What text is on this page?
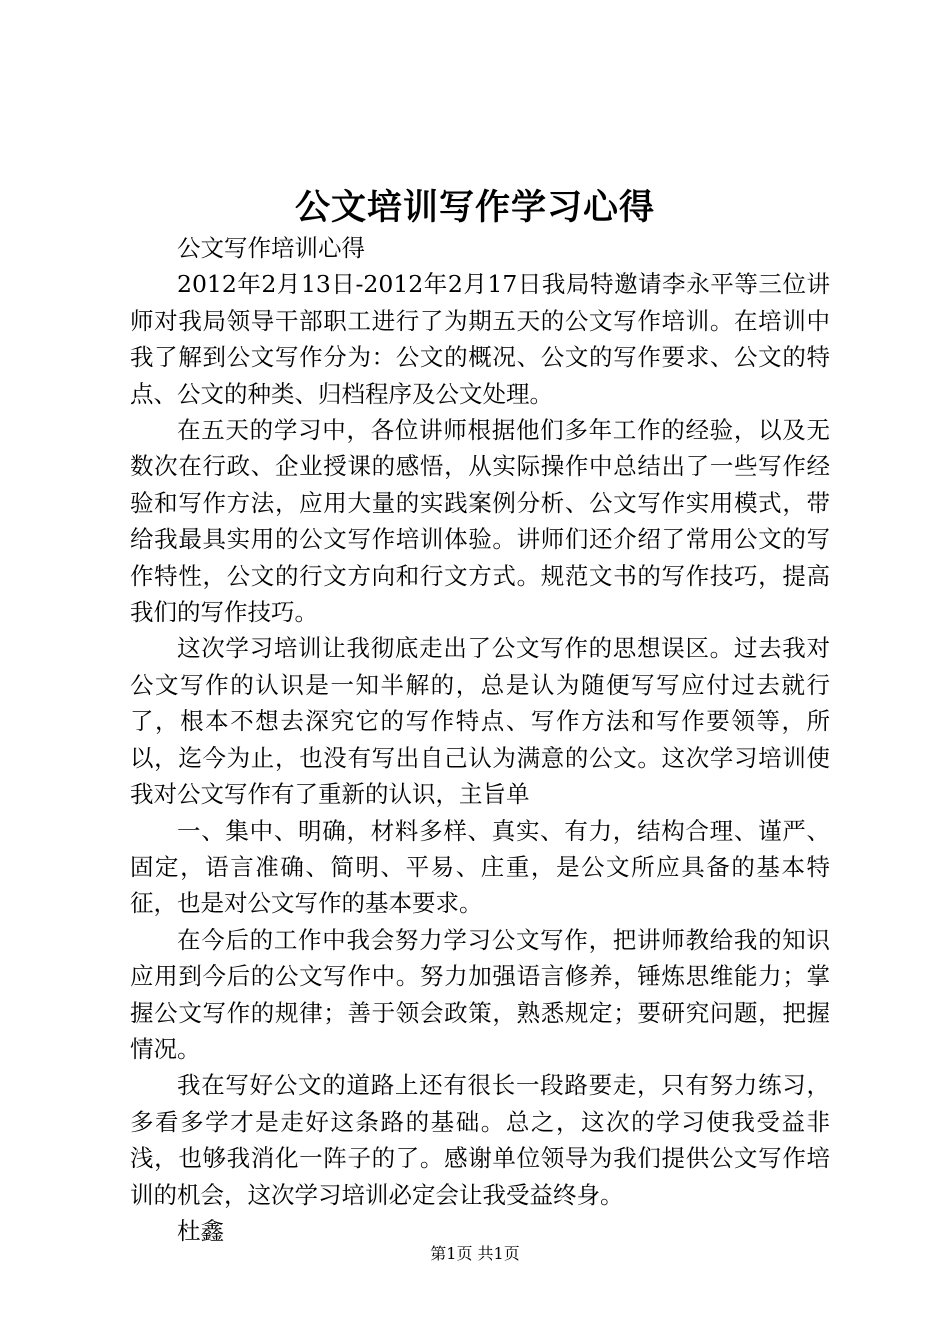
公文培训写作学习心得

公文写作培训心得

2012年2月13日-2012年2月17日我局特邀请李永平等三位讲师对我局领导干部职工进行了为期五天的公文写作培训。在培训中我了解到公文写作分为：公文的概况、公文的写作要求、公文的特点、公文的种类、归档程序及公文处理。

在五天的学习中，各位讲师根据他们多年工作的经验，以及无数次在行政、企业授课的感悟，从实际操作中总结出了一些写作经验和写作方法，应用大量的实践案例分析、公文写作实用模式，带给我最具实用的公文写作培训体验。讲师们还介绍了常用公文的写作特性，公文的行文方向和行文方式。规范文书的写作技巧，提高我们的写作技巧。

这次学习培训让我彻底走出了公文写作的思想误区。过去我对公文写作的认识是一知半解的，总是认为随便写写应付过去就行了，根本不想去深究它的写作特点、写作方法和写作要领等，所以，迄今为止，也没有写出自己认为满意的公文。这次学习培训使我对公文写作有了重新的认识，主旨单

一、集中、明确，材料多样、真实、有力，结构合理、谨严、固定，语言准确、简明、平易、庄重，是公文所应具备的基本特征，也是对公文写作的基本要求。

在今后的工作中我会努力学习公文写作，把讲师教给我的知识应用到今后的公文写作中。努力加强语言修养，锤炼思维能力；掌握公文写作的规律；善于领会政策，熟悉规定；要研究问题，把握情况。

我在写好公文的道路上还有很长一段路要走，只有努力练习，多看多学才是走好这条路的基础。总之，这次的学习使我受益非浅，也够我消化一阵子的了。感谢单位领导为我们提供公文写作培训的机会，这次学习培训必定会让我受益终身。

杜鑫

第1页 共1页
